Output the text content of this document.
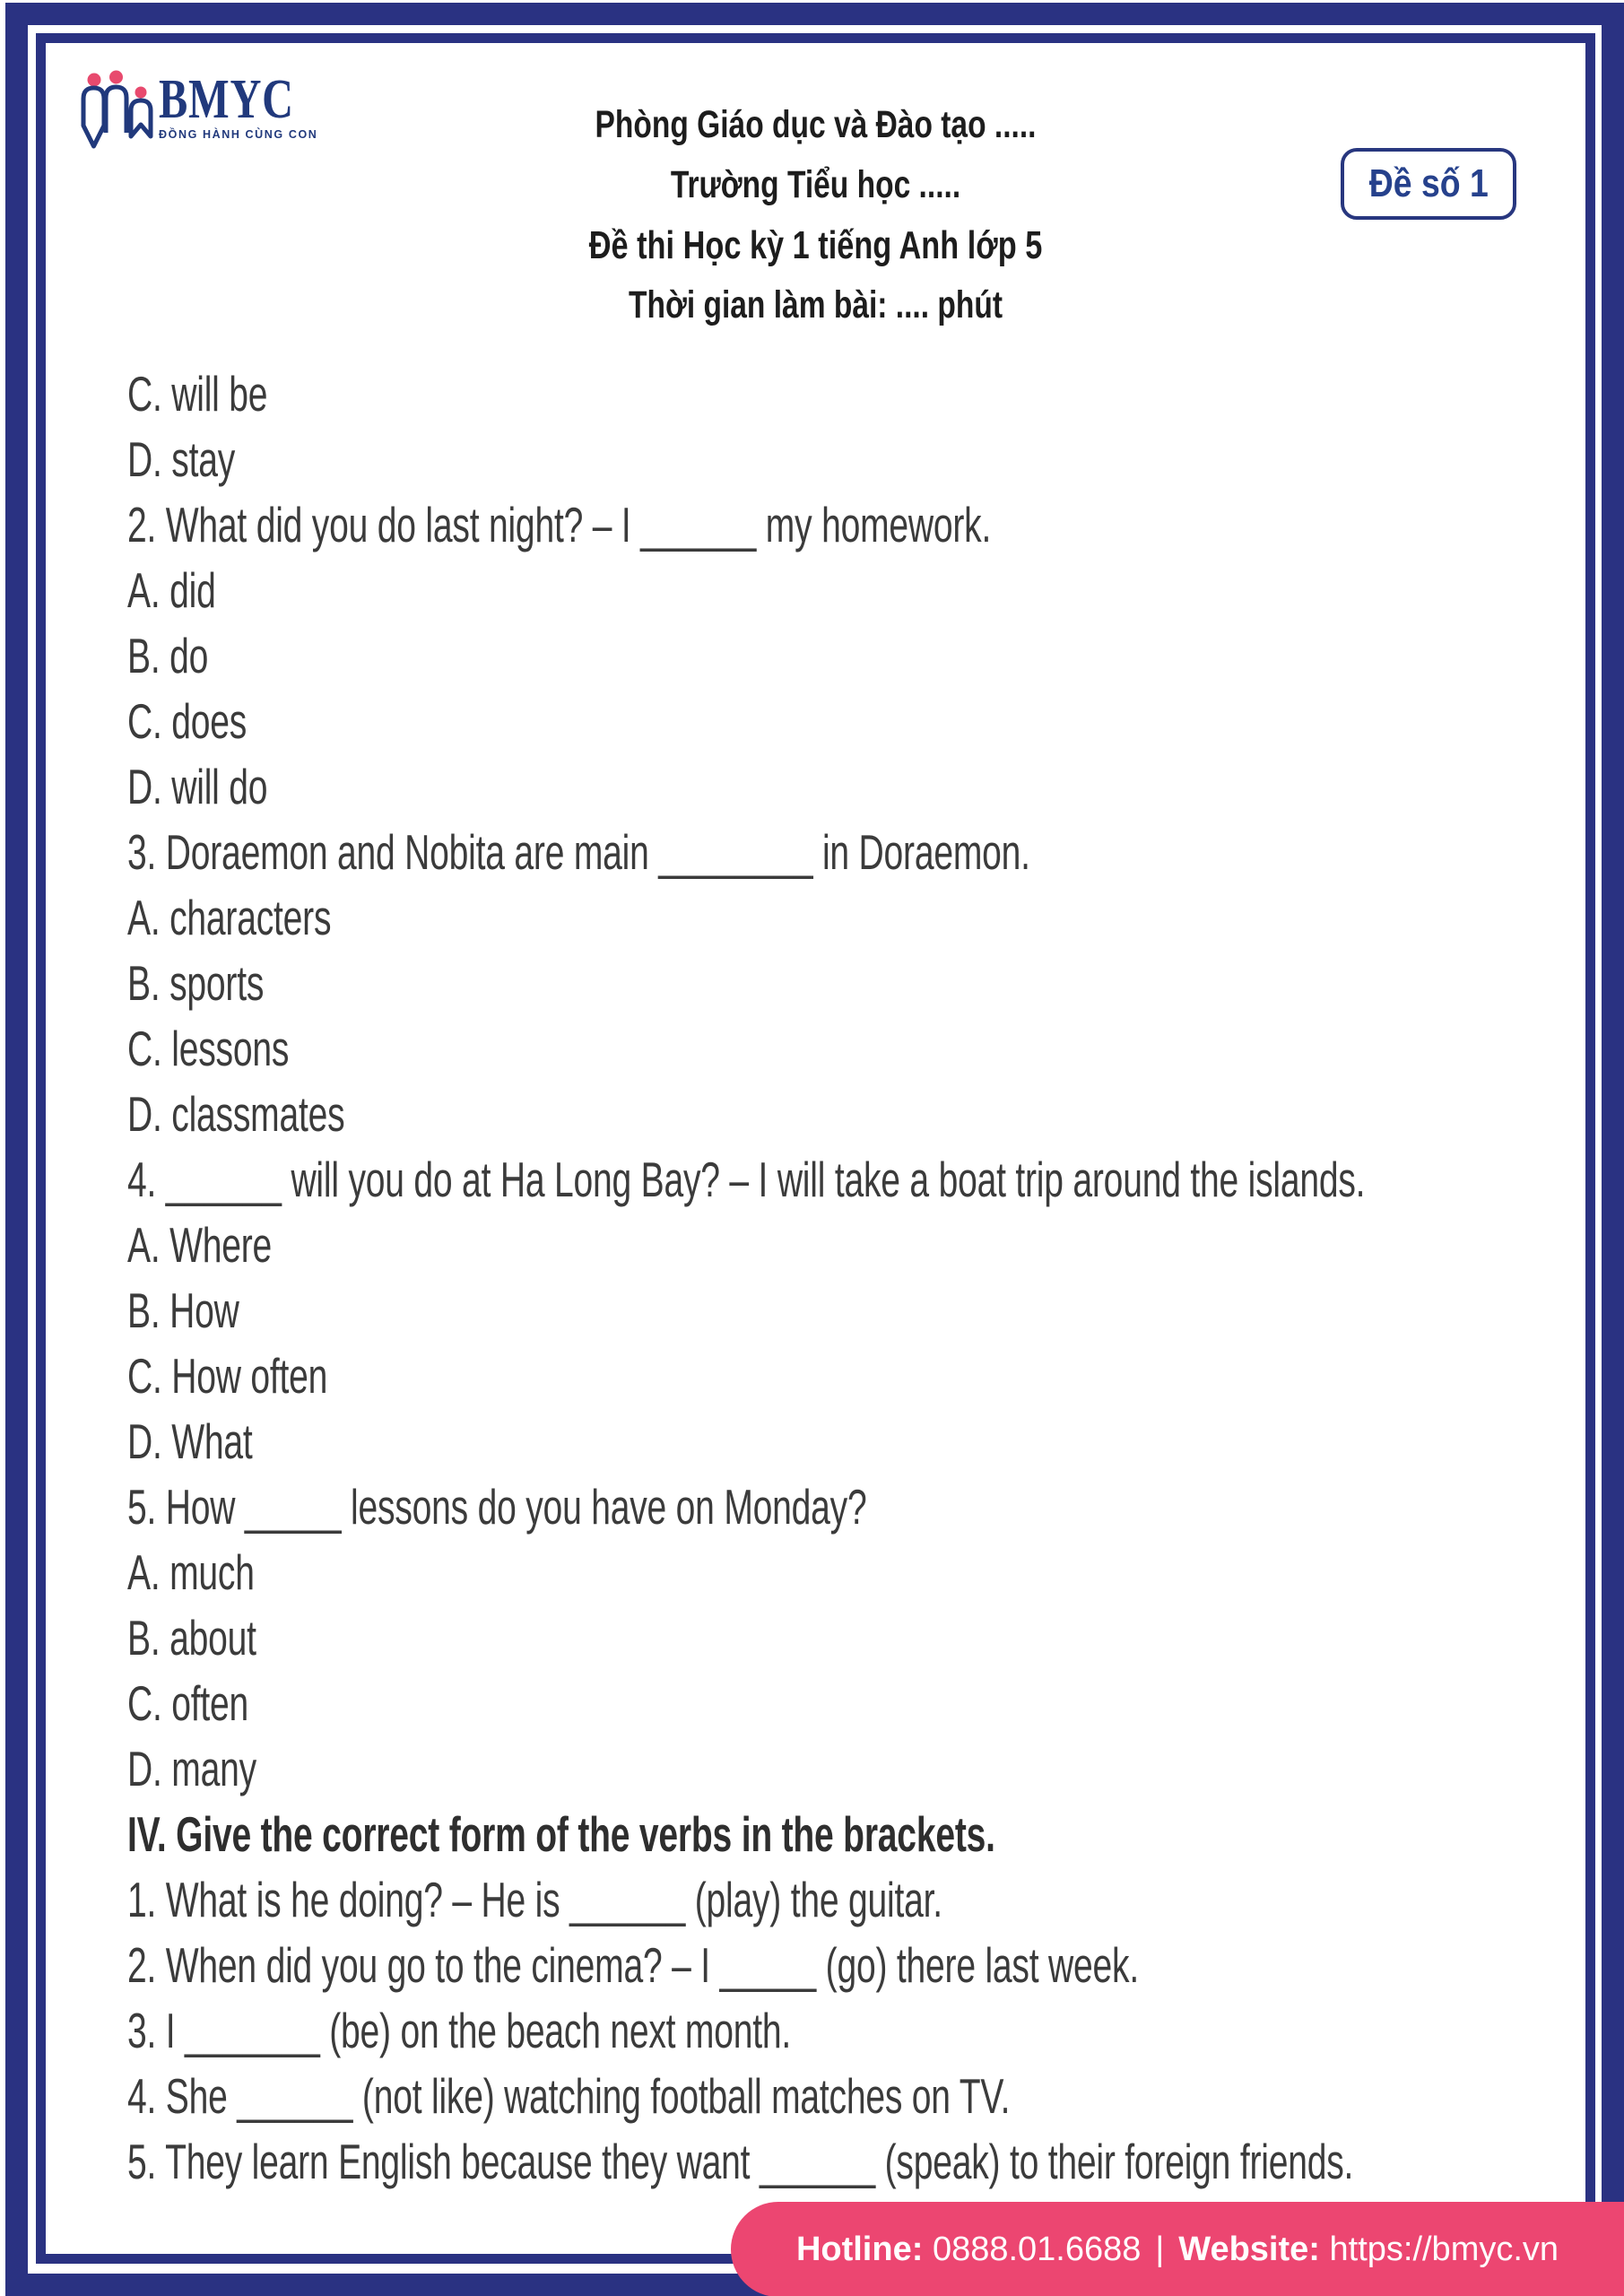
BMYC
ĐỒNG HÀNH CÙNG CON	Phòng Giáo dục và Đào tạo .....
Trường Tiểu học .....
Đề thi Học kỳ 1 tiếng Anh lớp 5
Thời gian làm bài: .... phút
Đề số 1
C. will be
D. stay
2. What did you do last night? – I ______ my homework.
A. did
B. do
C. does
D. will do
3. Doraemon and Nobita are main ________ in Doraemon.
A. characters
B. sports
C. lessons
D. classmates
4. ______ will you do at Ha Long Bay? – I will take a boat trip around the islands.
A. Where
B. How
C. How often
D. What
5. How _____ lessons do you have on Monday?
A. much
B. about
C. often
D. many
IV. Give the correct form of the verbs in the brackets.
1. What is he doing? – He is ______ (play) the guitar.
2. When did you go to the cinema? – I _____ (go) there last week.
3. I _______ (be) on the beach next month.
4. She ______ (not like) watching football matches on TV.
5. They learn English because they want ______ (speak) to their foreign friends.
Hotline:
0888.01.6688 | Website:
https://bmyc.vn
